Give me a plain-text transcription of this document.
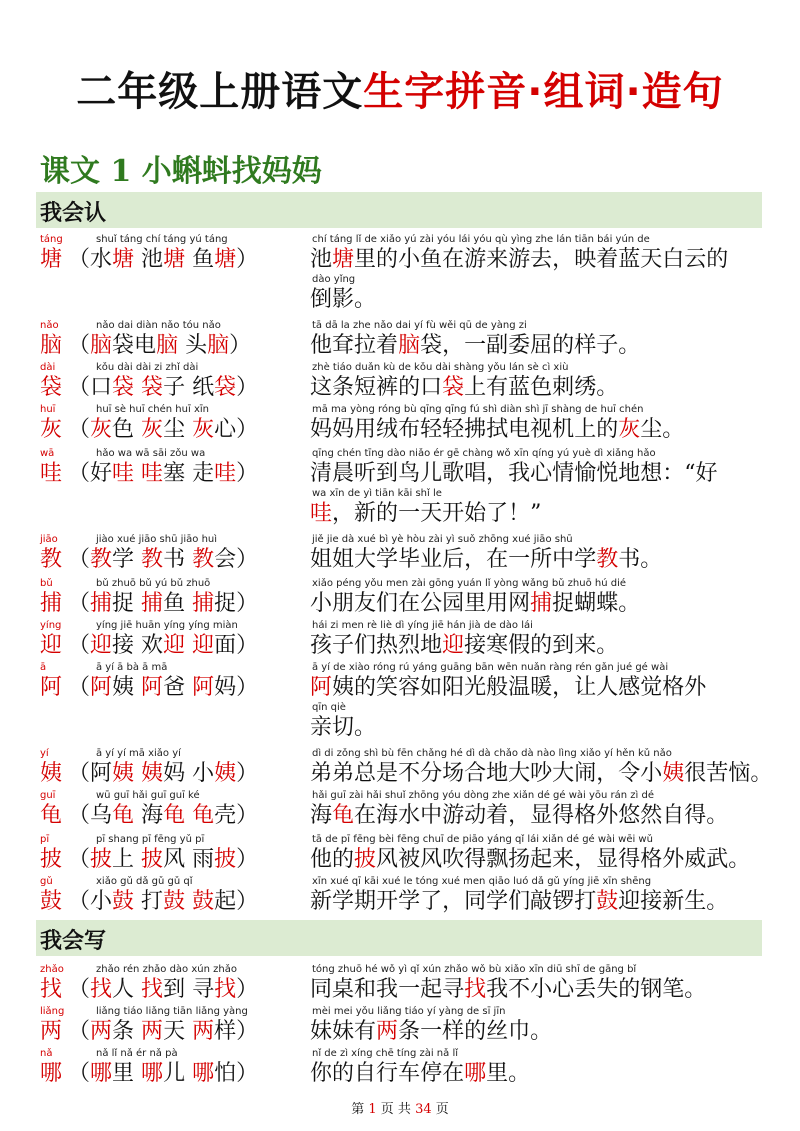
二年级上册语文生字拼音·组词·造句
课文 1 小蝌蚪找妈妈
我会认
我会写
táng
塘
shuǐ táng chí táng yú táng
（水塘 池塘 鱼塘）
chí táng lǐ de xiǎo yú zài yóu lái yóu qù yìng zhe lán tiān bái yún de
池塘里的小鱼在游来游去，映着蓝天白云的
dào yǐng
倒影。
nǎo
脑
nǎo dai diàn nǎo tóu nǎo
（脑袋电脑 头脑）
tā dā la zhe nǎo dai yí fù wěi qū de yàng zi
他耷拉着脑袋，一副委屈的样子。
dài
袋
kǒu dài dài zi zhǐ dài
（口袋 袋子 纸袋）
zhè tiáo duǎn kù de kǒu dài shàng yǒu lán sè cì xiù
这条短裤的口袋上有蓝色刺绣。
huī
灰
huī sè huī chén huī xīn
（灰色 灰尘 灰心）
mā ma yòng róng bù qīng qīng fú shì diàn shì jī shàng de huī chén
妈妈用绒布轻轻拂拭电视机上的灰尘。
wā
哇
hǎo wa wā sāi zǒu wa
（好哇 哇塞 走哇）
qīng chén tīng dào niǎo ér gē chàng wǒ xīn qíng yú yuè dì xiǎng hǎo
清晨听到鸟儿歌唱，我心情愉悦地想：“好
wa xīn de yì tiān kāi shǐ le
哇，新的一天开始了！”
jiāo
教
jiào xué jiāo shū jiāo huì
（教学 教书 教会）
jiě jie dà xué bì yè hòu zài yì suǒ zhōng xué jiāo shū
姐姐大学毕业后，在一所中学教书。
bǔ
捕
bǔ zhuō bǔ yú bǔ zhuō
（捕捉 捕鱼 捕捉）
xiǎo péng yǒu men zài gōng yuán lǐ yòng wǎng bǔ zhuō hú dié
小朋友们在公园里用网捕捉蝴蝶。
yíng
迎
yíng jiē huān yíng yíng miàn
（迎接 欢迎 迎面）
hái zi men rè liè dì yíng jiē hán jià de dào lái
孩子们热烈地迎接寒假的到来。
ā
阿
ā yí ā bà ā mā
（阿姨 阿爸 阿妈）
ā yí de xiào róng rú yáng guāng bān wēn nuǎn ràng rén gǎn jué gé wài
阿姨的笑容如阳光般温暖，让人感觉格外
qīn qiè
亲切。
yí
姨
ā yí yí mā xiǎo yí
（阿姨 姨妈 小姨）
dì di zǒng shì bù fēn chǎng hé dì dà chǎo dà nào lìng xiǎo yí hěn kǔ nǎo
弟弟总是不分场合地大吵大闹，令小姨很苦恼。
guī
龟
wū guī hǎi guī guī ké
（乌龟 海龟 龟壳）
hǎi guī zài hǎi shuǐ zhōng yóu dòng zhe xiǎn dé gé wài yōu rán zì dé
海龟在海水中游动着，显得格外悠然自得。
pī
披
pī shang pī fēng yǔ pī
（披上 披风 雨披）
tā de pī fēng bèi fēng chuī de piāo yáng qǐ lái xiǎn dé gé wài wēi wǔ
他的披风被风吹得飘扬起来，显得格外威武。
gǔ
鼓
xiǎo gǔ dǎ gǔ gǔ qǐ
（小鼓 打鼓 鼓起）
xīn xué qī kāi xué le tóng xué men qiāo luó dǎ gǔ yíng jiē xīn shēng
新学期开学了，同学们敲锣打鼓迎接新生。
zhǎo
找
zhǎo rén zhǎo dào xún zhǎo
（找人 找到 寻找）
tóng zhuō hé wǒ yì qǐ xún zhǎo wǒ bù xiǎo xīn diū shī de gāng bǐ
同桌和我一起寻找我不小心丢失的钢笔。
liǎng
两
liǎng tiáo liǎng tiān liǎng yàng
（两条 两天 两样）
mèi mei yǒu liǎng tiáo yí yàng de sī jīn
妹妹有两条一样的丝巾。
nǎ
哪
nǎ lǐ nǎ ér nǎ pà
（哪里 哪儿 哪怕）
nǐ de zì xíng chē tíng zài nǎ lǐ
你的自行车停在哪里。
第 1 页 共 34 页
